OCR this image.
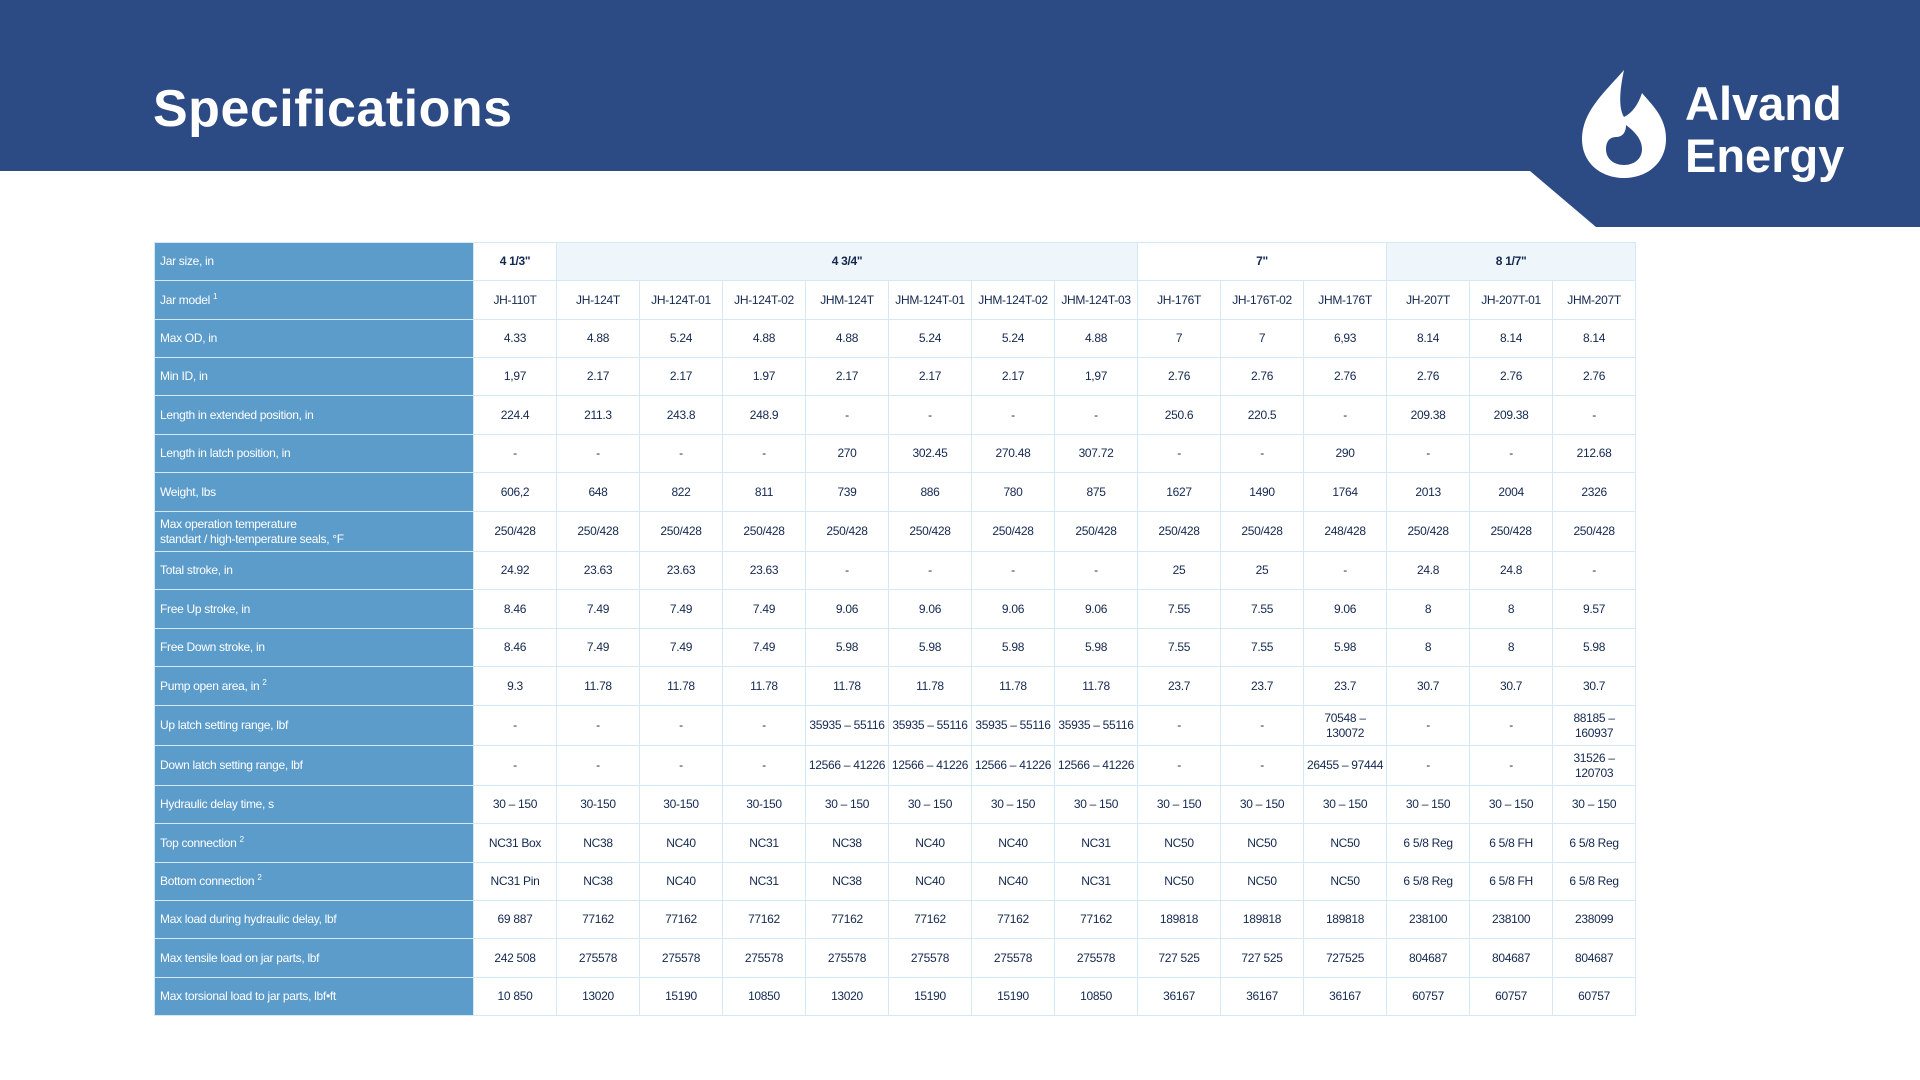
Specifications	Alvand
Energy
Jar size, in	4 1/3"	4 3/4"							7"			8 1/7"		
Jar model $^1$	JH-110T	JH-124T	JH-124T-01	JH-124T-02	JHM-124T	JHM-124T-01	JHM-124T-02	JHM-124T-03	JH-176T	JH-176T-02	JHM-176T	JH-207T	JH-207T-01	JHM-207T
Max OD, in	4.33	4.88	5.24	4.88	4.88	5.24	5.24	4.88	7	7	6,93	8.14	8.14	8.14
Min ID, in	1,97	2.17	2.17	1.97	2.17	2.17	2.17	1,97	2.76	2.76	2.76	2.76	2.76	2.76
Length in extended position, in	224.4	211.3	243.8	248.9	-	-	-	-	250.6	220.5	-	209.38	209.38	-
Length in latch position, in	-	-	-	-	270	302.45	270.48	307.72	-	-	290	-	-	212.68
Weight, lbs	606,2	648	822	811	739	886	780	875	1627	1490	1764	2013	2004	2326
Max operation temperature
standart / high-temperature seals, °F	250/428	250/428	250/428	250/428	250/428	250/428	250/428	250/428	250/428	250/428	248/428	250/428	250/428	250/428
Total stroke, in	24.92	23.63	23.63	23.63	-	-	-	-	25	25	-	24.8	24.8	-
Free Up stroke, in	8.46	7.49	7.49	7.49	9.06	9.06	9.06	9.06	7.55	7.55	9.06	8	8	9.57
Free Down stroke, in	8.46	7.49	7.49	7.49	5.98	5.98	5.98	5.98	7.55	7.55	5.98	8	8	5.98
Pump open area, in $^2$	9.3	11.78	11.78	11.78	11.78	11.78	11.78	11.78	23.7	23.7	23.7	30.7	30.7	30.7
Up latch setting range, lbf	-	-	-	-	35935 – 55116	35935 – 55116	35935 – 55116	35935 – 55116	-	-	70548 – 130072	-	-	88185 – 160937
Down latch setting range, lbf	-	-	-	-	12566 – 41226	12566 – 41226	12566 – 41226	12566 – 41226	-	-	26455 – 97444	-	-	31526 – 120703
Hydraulic delay time, s	30 – 150	30-150	30-150	30-150	30 – 150	30 – 150	30 – 150	30 – 150	30 – 150	30 – 150	30 – 150	30 – 150	30 – 150	30 – 150
Top connection $^2$	NC31 Box	NC38	NC40	NC31	NC38	NC40	NC40	NC31	NC50	NC50	NC50	6 5/8 Reg	6 5/8 FH	6 5/8 Reg
Bottom connection $^2$	NC31 Pin	NC38	NC40	NC31	NC38	NC40	NC40	NC31	NC50	NC50	NC50	6 5/8 Reg	6 5/8 FH	6 5/8 Reg
Max load during hydraulic delay, lbf	69 887	77162	77162	77162	77162	77162	77162	77162	189818	189818	189818	238100	238100	238099
Max tensile load on jar parts, lbf	242 508	275578	275578	275578	275578	275578	275578	275578	727 525	727 525	727525	804687	804687	804687
Max torsional load to jar parts, lbf•ft	10 850	13020	15190	10850	13020	15190	15190	10850	36167	36167	36167	60757	60757	60757
